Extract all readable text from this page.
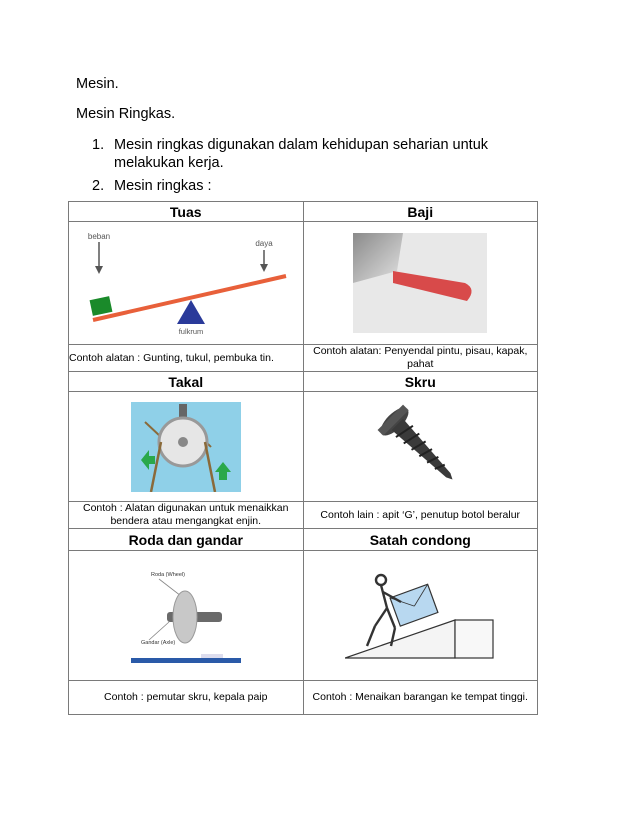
Mesin.
Mesin Ringkas.
1. Mesin ringkas digunakan dalam kehidupan seharian untuk
melakukan kerja.
2. Mesin ringkas :
Tuas	Baji

beban
daya
fulkrum

Contoh alatan : Gunting, tukul, pembuka tin.	Contoh alatan: Penyendal pintu, pisau, kapak, pahat
Takal	Skru

Contoh : Alatan digunakan untuk menaikkan bendera atau mengangkat enjin.	Contoh lain : apit ‘G’, penutup botol beralur
Roda dan gandar	Satah condong

Roda (Wheel)
Gandar (Axle)

Contoh : pemutar skru, kepala paip	Contoh : Menaikan barangan ke tempat tinggi.
